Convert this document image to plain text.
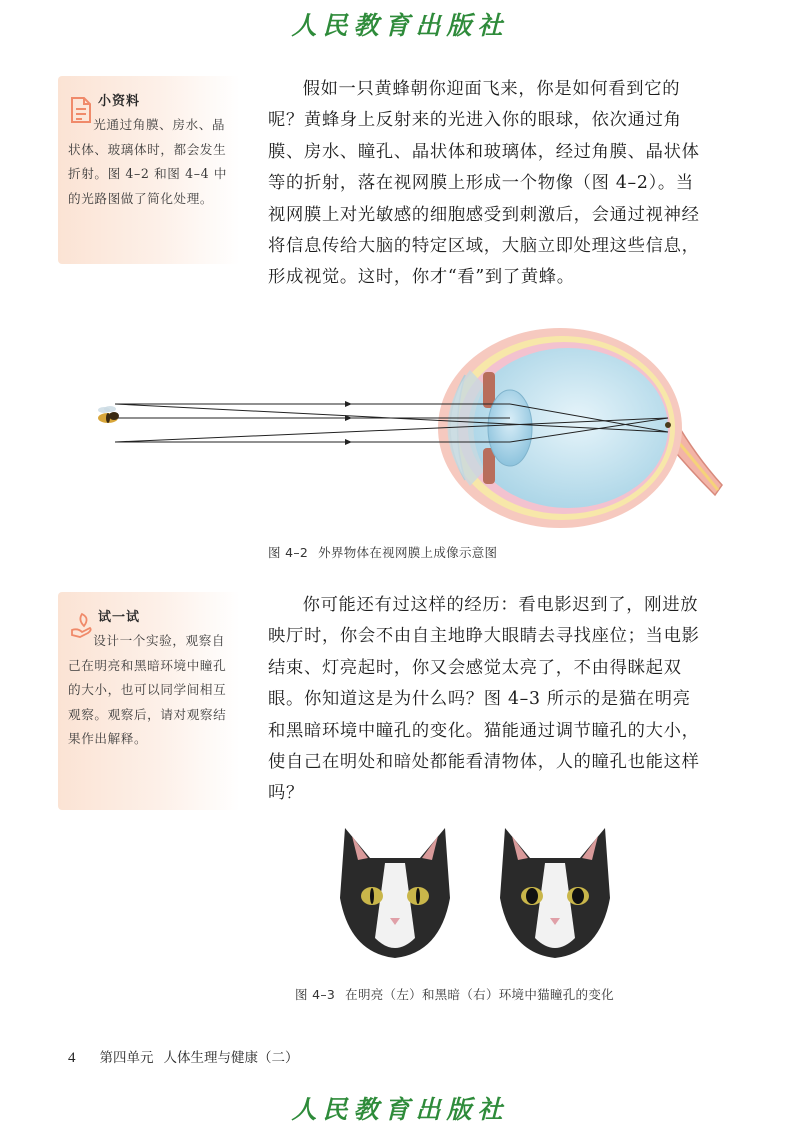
人民教育出版社
小资料

光通过角膜、房水、晶状体、玻璃体时，都会发生折射。图 4–2 和图 4–4 中的光路图做了简化处理。

假如一只黄蜂朝你迎面飞来，你是如何看到它的呢？黄蜂身上反射来的光进入你的眼球，依次通过角膜、房水、瞳孔、晶状体和玻璃体，经过角膜、晶状体等的折射，落在视网膜上形成一个物像（图 4–2）。当视网膜上对光敏感的细胞感受到刺激后，会通过视神经将信息传给大脑的特定区域，大脑立即处理这些信息，形成视觉。这时，你才“看”到了黄蜂。

图 4–2 外界物体在视网膜上成像示意图
试一试

设计一个实验，观察自己在明亮和黑暗环境中瞳孔的大小，也可以同学间相互观察。观察后，请对观察结果作出解释。

你可能还有过这样的经历：看电影迟到了，刚进放映厅时，你会不由自主地睁大眼睛去寻找座位；当电影结束、灯亮起时，你又会感觉太亮了，不由得眯起双眼。你知道这是为什么吗？图 4–3 所示的是猫在明亮和黑暗环境中瞳孔的变化。猫能通过调节瞳孔的大小，使自己在明处和暗处都能看清物体，人的瞳孔也能这样吗？

图 4–3 在明亮（左）和黑暗（右）环境中猫瞳孔的变化
4 第四单元 人体生理与健康（二）
人民教育出版社
